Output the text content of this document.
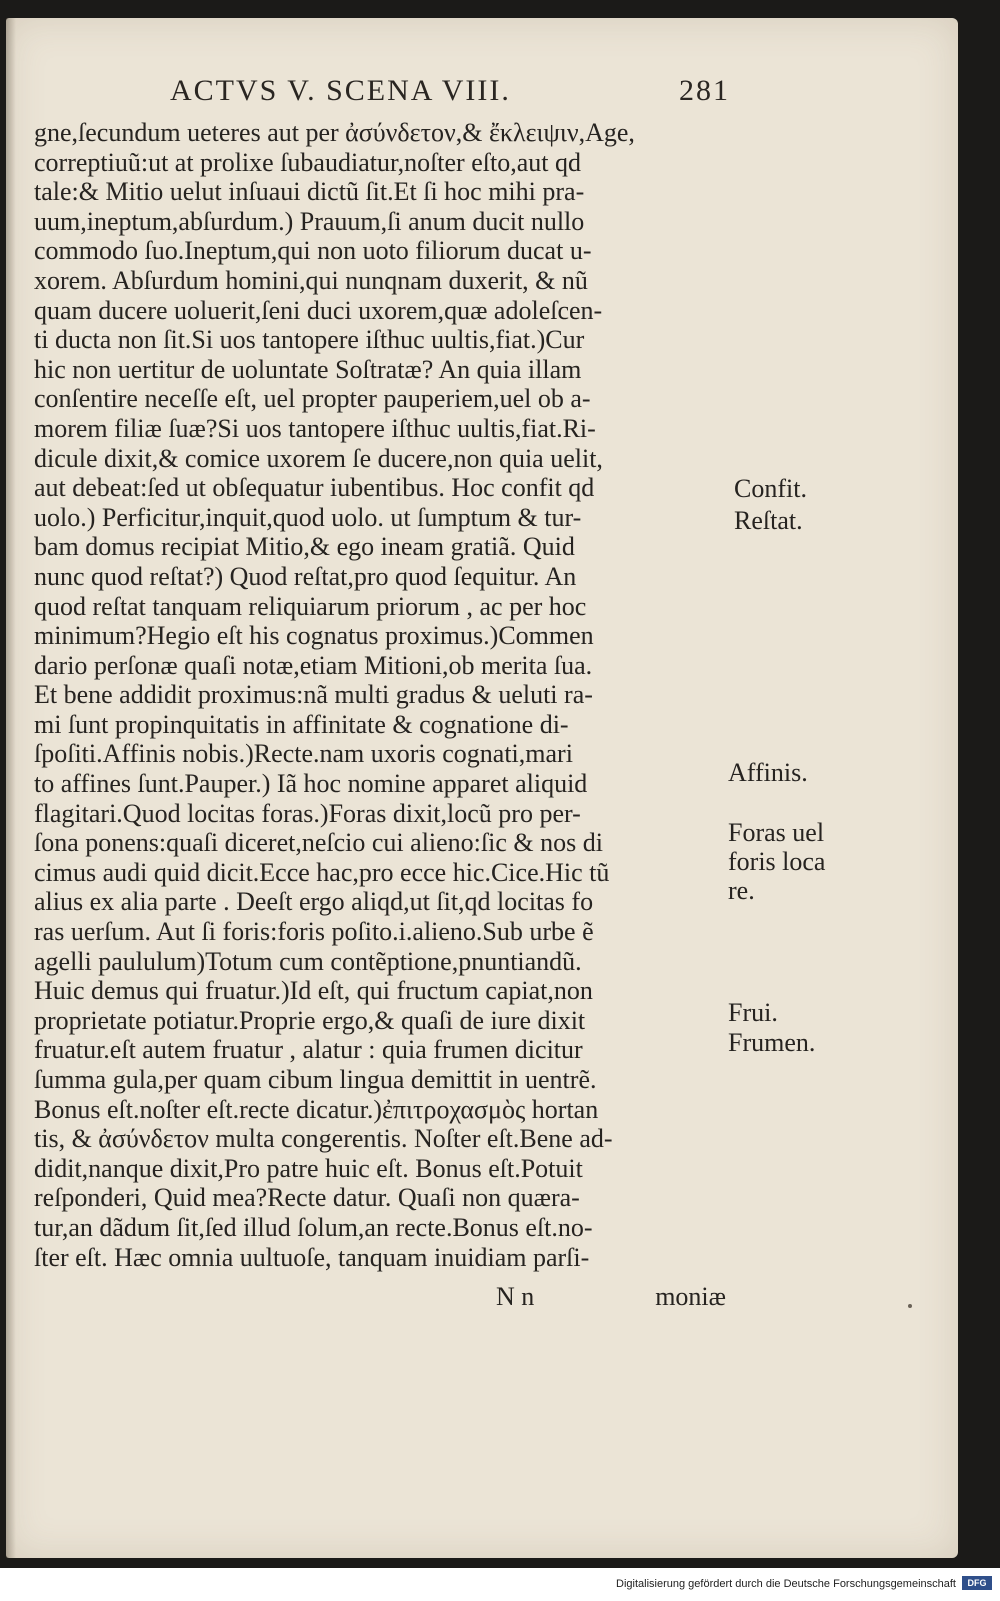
ACTVS V. SCENA VIII.	281
gne,ſecundum ueteres aut per ἀσύνδετον,& ἔκλειψιν,Age,
correptiuũ:ut at prolixe ſubaudiatur,noſter eſto,aut qd
tale:& Mitio uelut inſuaui dictũ ſit.Et ſi hoc mihi pra-
uum,ineptum,abſurdum.) Prauum,ſi anum ducit nullo
commodo ſuo.Ineptum,qui non uoto filiorum ducat u-
xorem. Abſurdum homini,qui nunqnam duxerit, & nũ
quam ducere uoluerit,ſeni duci uxorem,quæ adoleſcen-
ti ducta non ſit.Si uos tantopere iſthuc uultis,fiat.)Cur
hic non uertitur de uoluntate Soſtratæ? An quia illam
conſentire neceſſe eſt, uel propter pauperiem,uel ob a-
morem filiæ ſuæ?Si uos tantopere iſthuc uultis,fiat.Ri-
dicule dixit,& comice uxorem ſe ducere,non quia uelit,
aut debeat:ſed ut obſequatur iubentibus. Hoc confit qd
uolo.) Perficitur,inquit,quod uolo. ut ſumptum & tur-
bam domus recipiat Mitio,& ego ineam gratiã. Quid
nunc quod reſtat?) Quod reſtat,pro quod ſequitur. An
quod reſtat tanquam reliquiarum priorum , ac per hoc
minimum?Hegio eſt his cognatus proximus.)Commen
dario perſonæ quaſi notæ,etiam Mitioni,ob merita ſua.
Et bene addidit proximus:nã multi gradus & ueluti ra-
mi ſunt propinquitatis in affinitate & cognatione di-
ſpoſiti.Affinis nobis.)Recte.nam uxoris cognati,mari
to affines ſunt.Pauper.) Iã hoc nomine apparet aliquid
flagitari.Quod locitas foras.)Foras dixit,locũ pro per-
ſona ponens:quaſi diceret,neſcio cui alieno:ſic & nos di
cimus audi quid dicit.Ecce hac,pro ecce hic.Cice.Hic tũ
alius ex alia parte . Deeſt ergo aliqd,ut ſit,qd locitas fo
ras uerſum. Aut ſi foris:foris poſito.i.alieno.Sub urbe ẽ
agelli paululum)Totum cum contẽptione,pnuntiandũ.
Huic demus qui fruatur.)Id eſt, qui fructum capiat,non
proprietate potiatur.Proprie ergo,& quaſi de iure dixit
fruatur.eſt autem fruatur , alatur : quia frumen dicitur
ſumma gula,per quam cibum lingua demittit in uentrẽ.
Bonus eſt.noſter eſt.recte dicatur.)ἐπιτροχασμὸς hortan
tis, & ἀσύνδετον multa congerentis. Noſter eſt.Bene ad-
didit,nanque dixit,Pro patre huic eſt. Bonus eſt.Potuit
reſponderi, Quid mea?Recte datur. Quaſi non quæra-
tur,an dãdum ſit,ſed illud ſolum,an recte.Bonus eſt.no-
ſter eſt. Hæc omnia uultuoſe, tanquam inuidiam parſi-
N n	moniæ
Confit.
Reſtat.
Affinis.
Foras uel
foris loca
re.
Frui.
Frumen.
Digitalisierung gefördert durch die Deutsche Forschungsgemeinschaft	DFG
